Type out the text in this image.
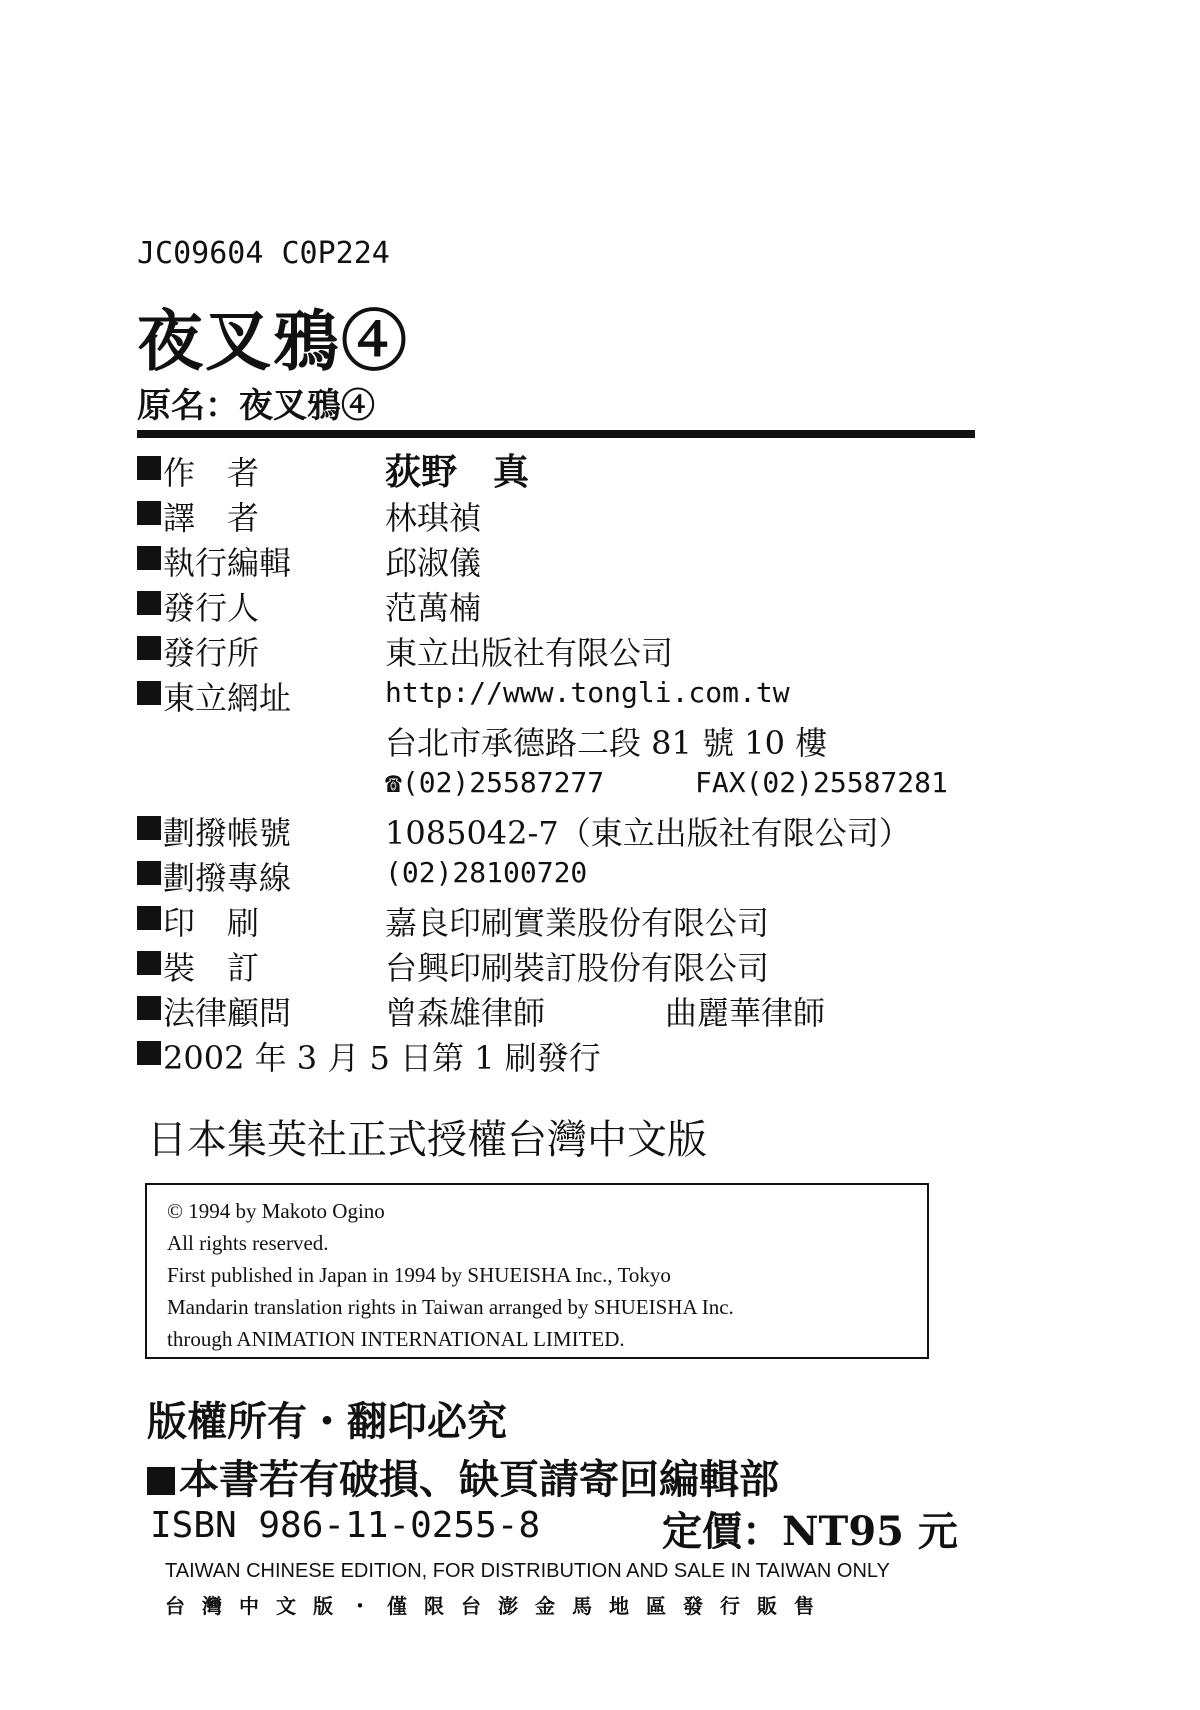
JC09604 C0P224
夜叉鴉④
原名：夜叉鴉④
作　者	荻野　真
譯　者	林琪禎
執行編輯	邱淑儀
發行人	范萬楠
發行所	東立出版社有限公司
東立網址	http://www.tongli.com.tw
台北市承德路二段 81 號 10 樓
☎(02)25587277	FAX(02)25587281
劃撥帳號	1085042-7（東立出版社有限公司）
劃撥專線	(02)28100720
印　刷	嘉良印刷實業股份有限公司
裝　訂	台興印刷裝訂股份有限公司
法律顧問	曾森雄律師	曲麗華律師
2002 年 3 月 5 日第 1 刷發行
日本集英社正式授權台灣中文版
© 1994 by Makoto Ogino
All rights reserved.
First published in Japan in 1994 by SHUEISHA Inc., Tokyo
Mandarin translation rights in Taiwan arranged by SHUEISHA Inc.
through ANIMATION INTERNATIONAL LIMITED.
版權所有・翻印必究
本書若有破損、缺頁請寄回編輯部
ISBN 986-11-0255-8	定價：NT95 元
TAIWAN CHINESE EDITION, FOR DISTRIBUTION AND SALE IN TAIWAN ONLY
台灣中文版・僅限台澎金馬地區發行販售
